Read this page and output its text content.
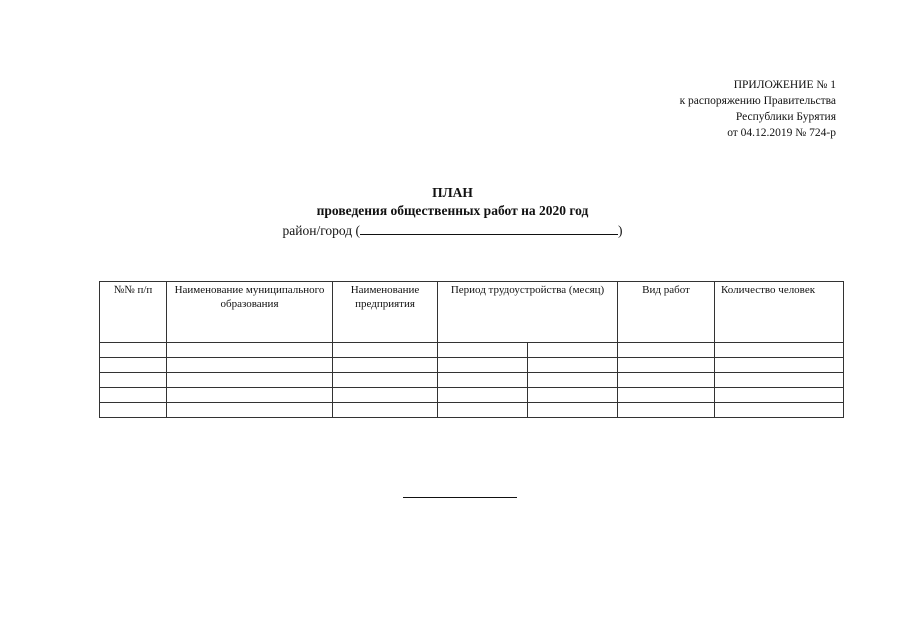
ПРИЛОЖЕНИЕ № 1
к распоряжению Правительства
Республики Бурятия
от 04.12.2019 № 724-р
ПЛАН
проведения общественных работ на 2020 год
район/город (	)
№№ п/п	Наименование муниципального образования	Наименование предприятия	Период трудоустройства (месяц)		Вид работ	Количество человек
